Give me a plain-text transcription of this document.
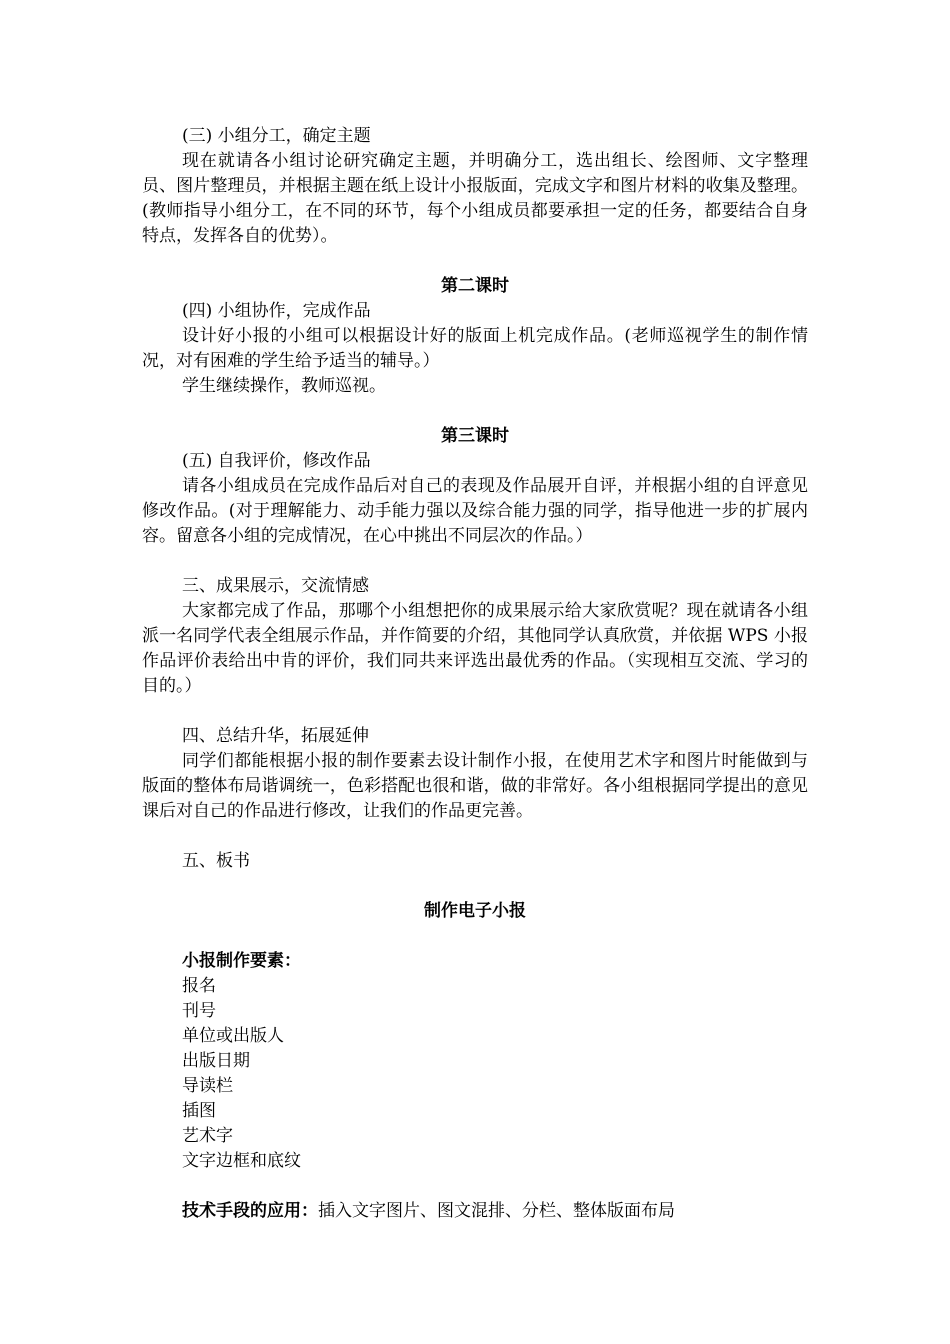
(三) 小组分工，确定主题

现在就请各小组讨论研究确定主题，并明确分工，选出组长、绘图师、文字整理员、图片整理员，并根据主题在纸上设计小报版面，完成文字和图片材料的收集及整理。(教师指导小组分工，在不同的环节，每个小组成员都要承担一定的任务，都要结合自身特点，发挥各自的优势）。

第二课时

(四) 小组协作，完成作品

设计好小报的小组可以根据设计好的版面上机完成作品。(老师巡视学生的制作情况，对有困难的学生给予适当的辅导。）

学生继续操作，教师巡视。

第三课时

(五) 自我评价，修改作品

请各小组成员在完成作品后对自己的表现及作品展开自评，并根据小组的自评意见修改作品。(对于理解能力、动手能力强以及综合能力强的同学，指导他进一步的扩展内容。留意各小组的完成情况，在心中挑出不同层次的作品。）

三、成果展示，交流情感

大家都完成了作品，那哪个小组想把你的成果展示给大家欣赏呢？现在就请各小组派一名同学代表全组展示作品，并作简要的介绍，其他同学认真欣赏，并依据 WPS 小报作品评价表给出中肯的评价，我们同共来评选出最优秀的作品。（实现相互交流、学习的目的。）

四、总结升华，拓展延伸

同学们都能根据小报的制作要素去设计制作小报，在使用艺术字和图片时能做到与版面的整体布局谐调统一，色彩搭配也很和谐，做的非常好。各小组根据同学提出的意见课后对自己的作品进行修改，让我们的作品更完善。

五、板书

制作电子小报

小报制作要素：

报名

刊号

单位或出版人

出版日期

导读栏

插图

艺术字

文字边框和底纹

技术手段的应用：插入文字图片、图文混排、分栏、整体版面布局
